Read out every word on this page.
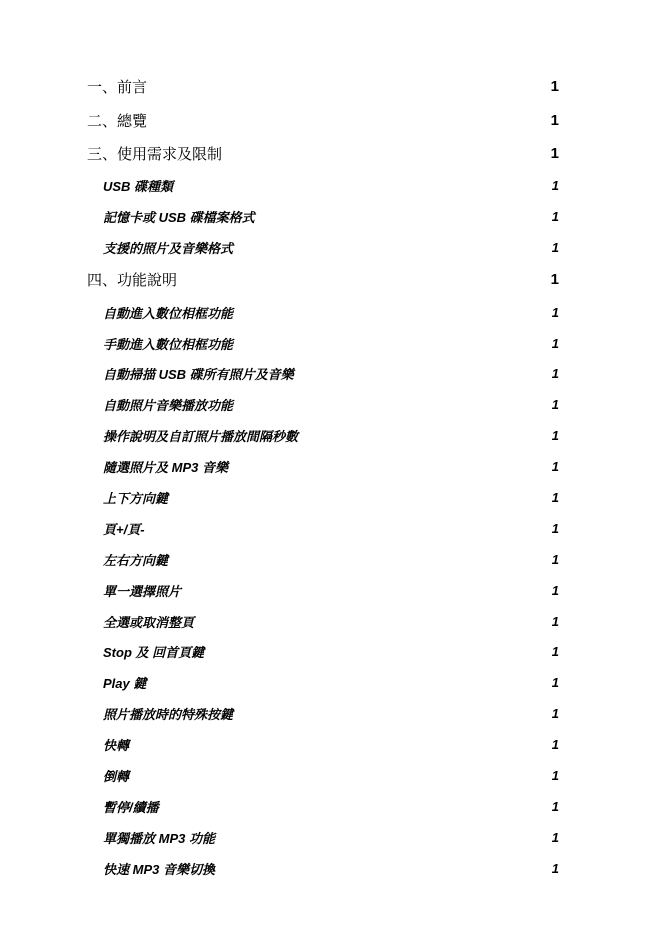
一、前言	1
二、總覽	1
三、使用需求及限制	1
USB 碟種類	1
記憶卡或 USB 碟檔案格式	1
支援的照片及音樂格式	1
四、功能說明	1
自動進入數位相框功能	1
手動進入數位相框功能	1
自動掃描 USB 碟所有照片及音樂	1
自動照片音樂播放功能	1
操作說明及自訂照片播放間隔秒數	1
隨選照片及 MP3 音樂	1
上下方向鍵	1
頁+/頁-	1
左右方向鍵	1
單一選擇照片	1
全選或取消整頁	1
Stop 及 回首頁鍵	1
Play 鍵	1
照片播放時的特殊按鍵	1
快轉	1
倒轉	1
暫停/續播	1
單獨播放 MP3 功能	1
快速 MP3 音樂切換	1
